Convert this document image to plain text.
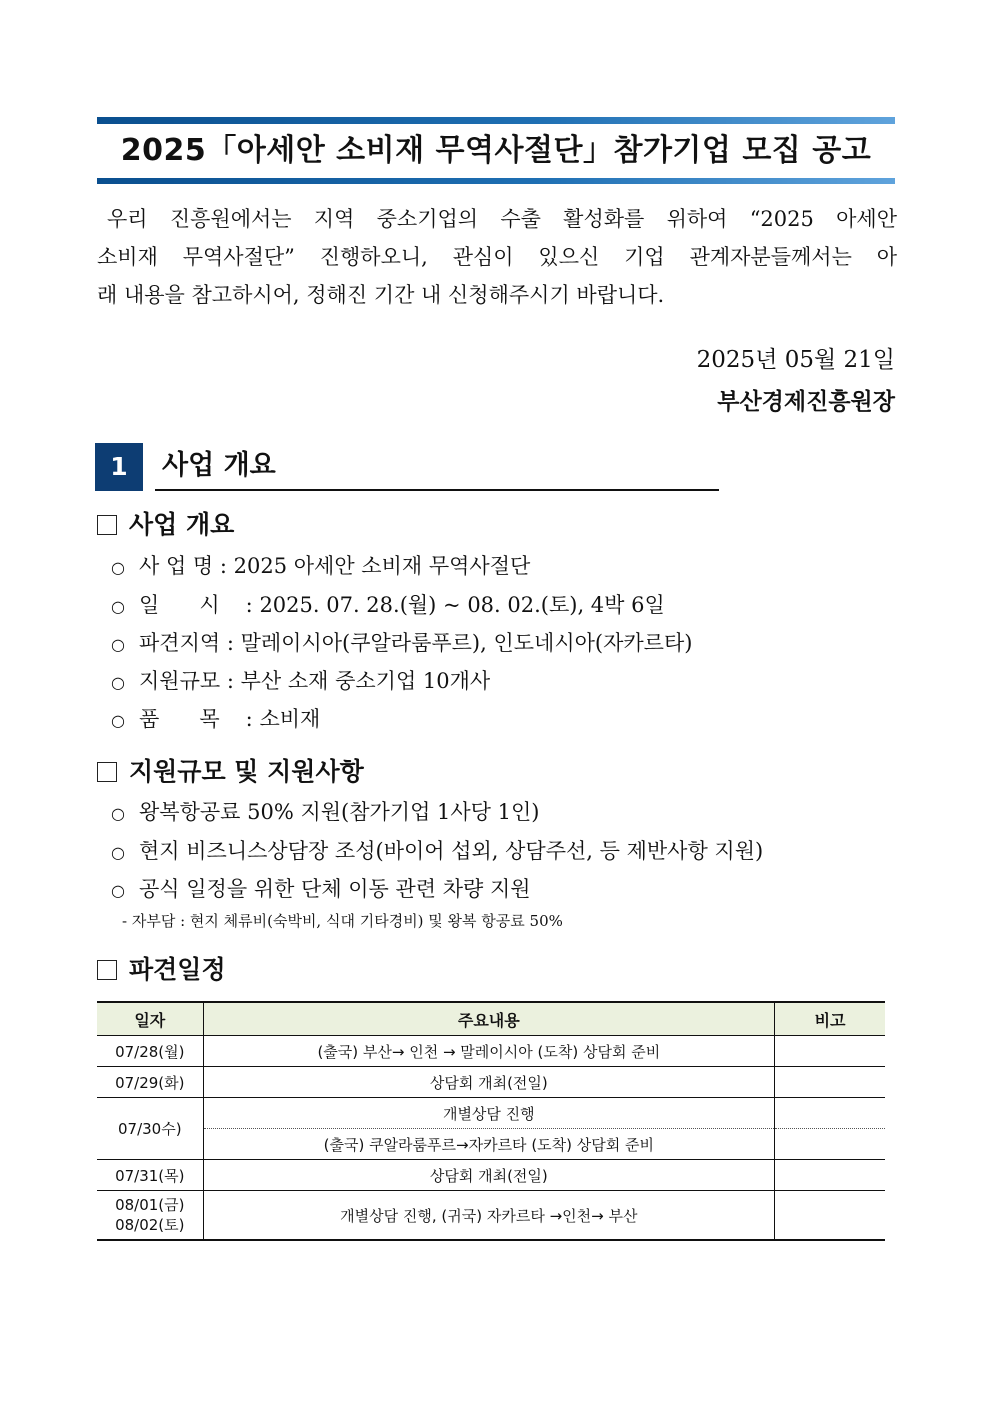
2025「아세안 소비재 무역사절단」참가기업 모집 공고
우리 진흥원에서는 지역 중소기업의 수출 활성화를 위하여 “2025 아세안
소비재 무역사절단” 진행하오니, 관심이 있으신 기업 관계자분들께서는 아
래 내용을 참고하시어, 정해진 기간 내 신청해주시기 바랍니다.
2025년 05월 21일
부산경제진흥원장
1	사업 개요
사업 개요
○ 사 업 명 : 2025 아세안 소비재 무역사절단
○ 일      시 : 2025. 07. 28.(월) ~ 08. 02.(토), 4박 6일
○ 파견지역 : 말레이시아(쿠알라룸푸르), 인도네시아(자카르타)
○ 지원규모 : 부산 소재 중소기업 10개사
○ 품      목 : 소비재
지원규모 및 지원사항
○ 왕복항공료 50% 지원(참가기업 1사당 1인)
○ 현지 비즈니스상담장 조성(바이어 섭외, 상담주선, 등 제반사항 지원)
○ 공식 일정을 위한 단체 이동 관련 차량 지원
- 자부담 : 현지 체류비(숙박비, 식대 기타경비) 및 왕복 항공료 50%
파견일정
일자	주요내용	비고
07/28(월)	(출국) 부산→ 인천 → 말레이시아 (도착) 상담회 준비	
07/29(화)	상담회 개최(전일)	
07/30수)	개별상담 진행	
	(출국) 쿠알라룸푸르→자카르타 (도착) 상담회 준비	
07/31(목)	상담회 개최(전일)	

08/01(금)
08/02(토)	개별상담 진행, (귀국) 자카르타 →인천→ 부산	
